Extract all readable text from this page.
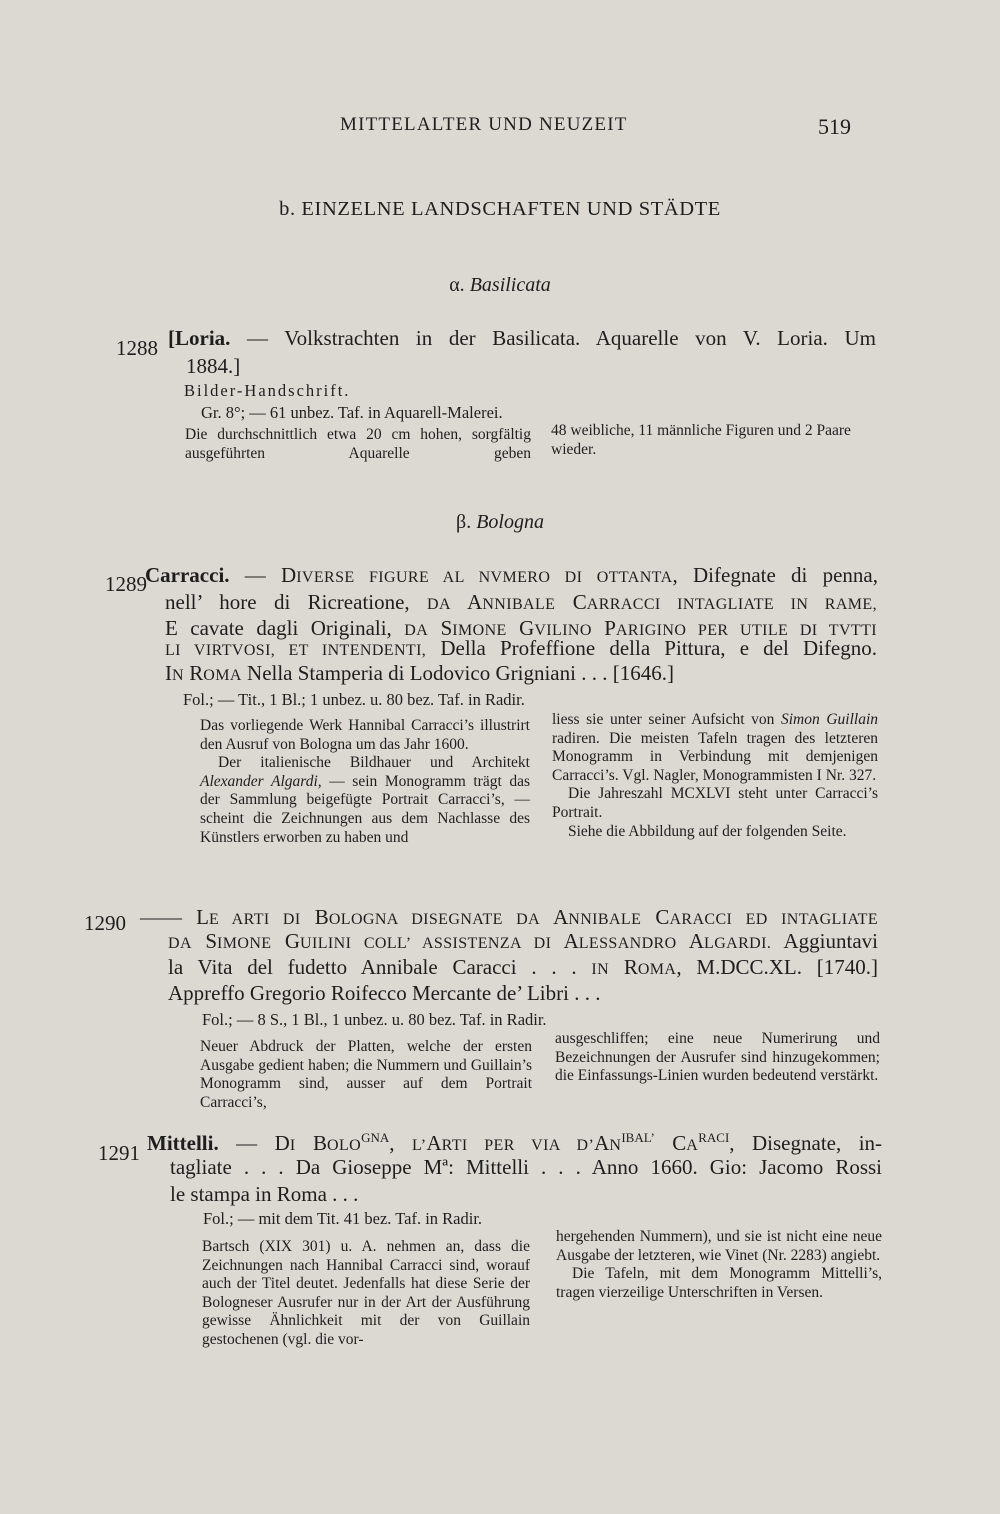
MITTELALTER UND NEUZEIT	519
b. EINZELNE LANDSCHAFTEN UND STÄDTE
α. Basilicata
1288 [Loria. — Volkstrachten in der Basilicata. Aquarelle von V. Loria. Um
1884.]
Bilder-Handschrift.
Gr. 8°; — 61 unbez. Taf. in Aquarell-Malerei.
Die durchschnittlich etwa 20 cm hohen, sorgfältig ausgeführten Aquarelle geben
48 weibliche, 11 männliche Figuren und 2 Paare wieder.
β. Bologna
1289
Carracci. — DIVERSE FIGURE AL NVMERO DI OTTANTA, Difegnate di penna,
nell’ hore di Ricreatione, DA ANNIBALE CARRACCI INTAGLIATE IN RAME,
E cavate dagli Originali, DA SIMONE GVILINO PARIGINO PER UTILE DI TVTTI
LI VIRTVOSI, ET INTENDENTI, Della Profeffione della Pittura, e del Difegno.
IN ROMA Nella Stamperia di Lodovico Grigniani . . . [1646.]
Fol.; — Tit., 1 Bl.; 1 unbez. u. 80 bez. Taf. in Radir.

Das vorliegende Werk Hannibal Carracci’s illustrirt den Ausruf von Bologna um das Jahr 1600.

Der italienische Bildhauer und Architekt Alexander Algardi, — sein Monogramm trägt das der Sammlung beigefügte Portrait Carracci’s, — scheint die Zeichnungen aus dem Nachlasse des Künstlers erworben zu haben und

liess sie unter seiner Aufsicht von Simon Guillain radiren. Die meisten Tafeln tragen des letzteren Monogramm in Verbindung mit demjenigen Carracci’s. Vgl. Nagler, Monogrammisten I Nr. 327.

Die Jahreszahl MCXLVI steht unter Carracci’s Portrait.

Siehe die Abbildung auf der folgenden Seite.

1290 —— LE ARTI DI BOLOGNA DISEGNATE DA ANNIBALE CARACCI ED INTAGLIATE
DA SIMONE GUILINI COLL’ ASSISTENZA DI ALESSANDRO ALGARDI. Aggiuntavi
la Vita del fudetto Annibale Caracci . . . IN ROMA, M.DCC.XL. [1740.]
Appreffo Gregorio Roifecco Mercante de’ Libri . . .
Fol.; — 8 S., 1 Bl., 1 unbez. u. 80 bez. Taf. in Radir.
Neuer Abdruck der Platten, welche der ersten Ausgabe gedient haben; die Nummern und Guillain’s Monogramm sind, ausser auf dem Portrait Carracci’s,
ausgeschliffen; eine neue Numerirung und Bezeichnungen der Ausrufer sind hinzugekommen; die Einfassungs-Linien wurden bedeutend verstärkt.
1291 Mittelli. — DI $BOLO^{GNA}$, L’ARTI PER VIA $D’AN^{IBAL’}$ $CA^{RACI}$, Disegnate, in-
tagliate . . . Da Gioseppe Mª: Mittelli . . . Anno 1660. Gio: Jacomo Rossi
le stampa in Roma . . .
Fol.; — mit dem Tit. 41 bez. Taf. in Radir.
Bartsch (XIX 301) u. A. nehmen an, dass die Zeichnungen nach Hannibal Carracci sind, worauf auch der Titel deutet. Jedenfalls hat diese Serie der Bologneser Ausrufer nur in der Art der Ausführung gewisse Ähnlichkeit mit der von Guillain gestochenen (vgl. die vor-

hergehenden Nummern), und sie ist nicht eine neue Ausgabe der letzteren, wie Vinet (Nr. 2283) angiebt.

Die Tafeln, mit dem Monogramm Mittelli’s, tragen vierzeilige Unterschriften in Versen.
